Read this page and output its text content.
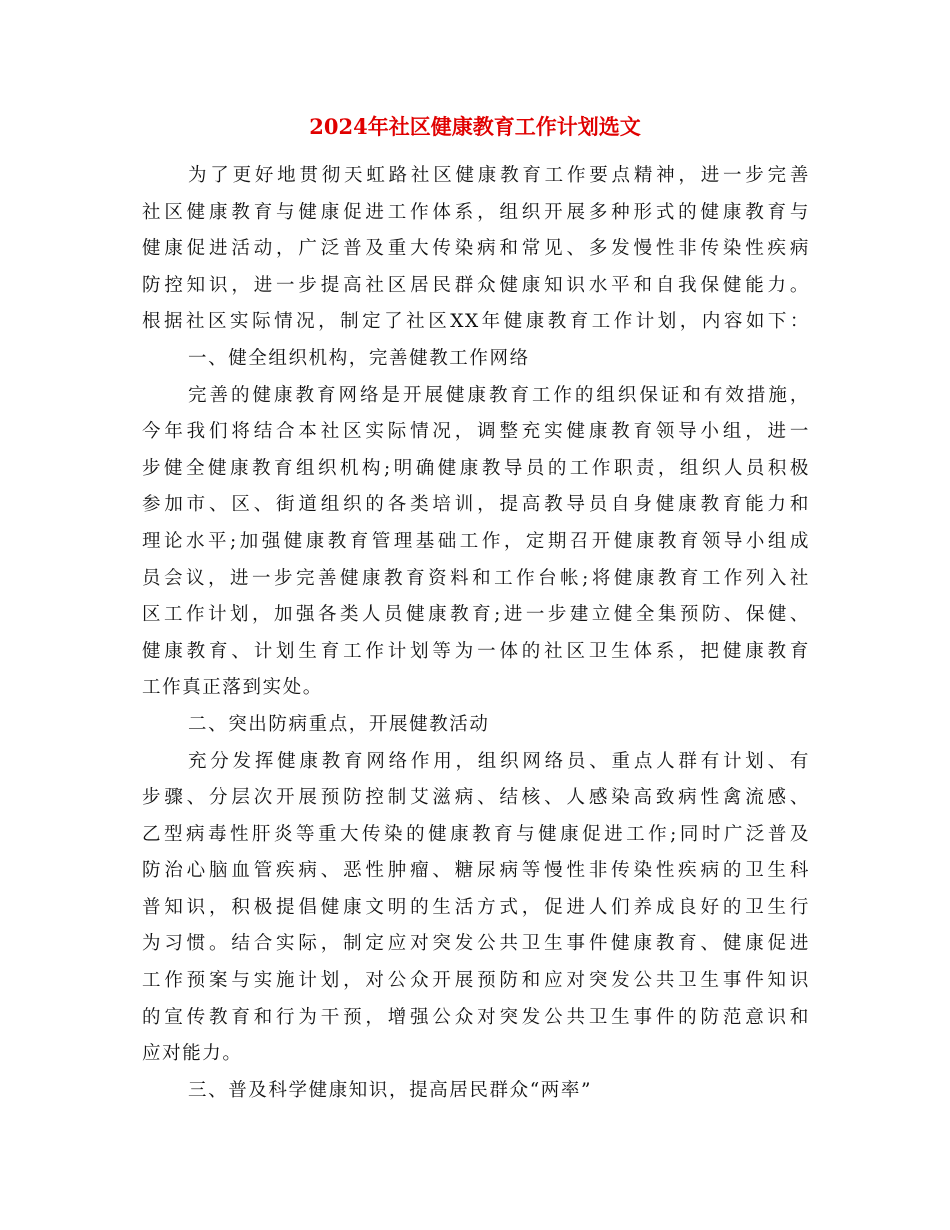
2024年社区健康教育工作计划选文

为了更好地贯彻天虹路社区健康教育工作要点精神，进一步完善
社区健康教育与健康促进工作体系，组织开展多种形式的健康教育与
健康促进活动，广泛普及重大传染病和常见、多发慢性非传染性疾病
防控知识，进一步提高社区居民群众健康知识水平和自我保健能力。
根据社区实际情况，制定了社区XX年健康教育工作计划，内容如下：

一、健全组织机构，完善健教工作网络

完善的健康教育网络是开展健康教育工作的组织保证和有效措施，
今年我们将结合本社区实际情况，调整充实健康教育领导小组，进一
步健全健康教育组织机构;明确健康教导员的工作职责，组织人员积极
参加市、区、街道组织的各类培训，提高教导员自身健康教育能力和
理论水平;加强健康教育管理基础工作，定期召开健康教育领导小组成
员会议，进一步完善健康教育资料和工作台帐;将健康教育工作列入社
区工作计划，加强各类人员健康教育;进一步建立健全集预防、保健、
健康教育、计划生育工作计划等为一体的社区卫生体系，把健康教育
工作真正落到实处。

二、突出防病重点，开展健教活动

充分发挥健康教育网络作用，组织网络员、重点人群有计划、有
步骤、分层次开展预防控制艾滋病、结核、人感染高致病性禽流感、
乙型病毒性肝炎等重大传染的健康教育与健康促进工作;同时广泛普及
防治心脑血管疾病、恶性肿瘤、糖尿病等慢性非传染性疾病的卫生科
普知识，积极提倡健康文明的生活方式，促进人们养成良好的卫生行
为习惯。结合实际，制定应对突发公共卫生事件健康教育、健康促进
工作预案与实施计划，对公众开展预防和应对突发公共卫生事件知识
的宣传教育和行为干预，增强公众对突发公共卫生事件的防范意识和
应对能力。

三、普及科学健康知识，提高居民群众“两率”
